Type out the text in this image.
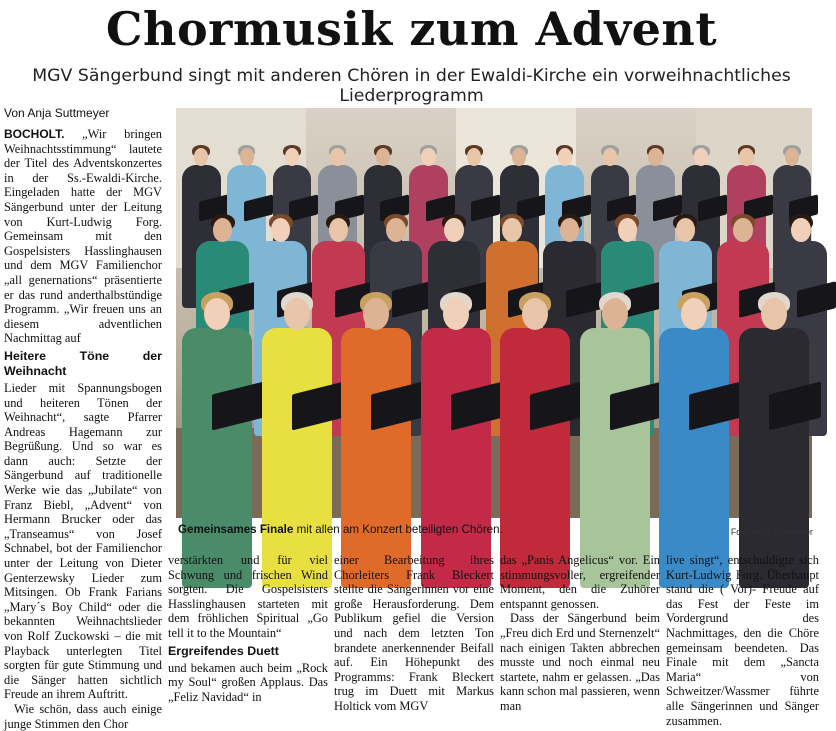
Chormusik zum Advent
MGV Sängerbund singt mit anderen Chören in der Ewaldi-Kirche ein vorweihnachtliches Liederprogramm
Von Anja Suttmeyer

BOCHOLT. „Wir bringen Weihnachtsstimmung“ lautete der Titel des Adventskonzertes in der Ss.-Ewaldi-Kirche. Eingeladen hatte der MGV Sängerbund unter der Leitung von Kurt-Ludwig Forg. Gemeinsam mit den Gospelsisters Hasslinghausen und dem MGV Familienchor „all genernations“ präsentierte er das rund anderthalbstündige Programm. „Wir freuen uns an diesem adventlichen Nachmittag auf

Heitere Töne der Weihnacht

Lieder mit Spannungsbogen und heiteren Tönen der Weihnacht“, sagte Pfarrer Andreas Hagemann zur Begrüßung. Und so war es dann auch: Setzte der Sängerbund auf traditionelle Werke wie das „Jubilate“ von Franz Biebl, „Advent“ von Hermann Brucker oder das „Transeamus“ von Josef Schnabel, bot der Familienchor unter der Leitung von Dieter Genterzewsky Lieder zum Mitsingen. Ob Frank Farians „Mary´s Boy Child“ oder die bekannten Weihnachtslieder von Rolf Zuckowski – die mit Playback unterlegten Titel sorgten für gute Stimmung und die Sänger hatten sichtlich Freude an ihrem Auftritt.

Wie schön, dass auch einige junge Stimmen den Chor

Gemeinsames Finale mit allen am Konzert beteiligten Chören.	Foto: Anja Suttmeyer

verstärkten und für viel Schwung und frischen Wind sorgten. Die Gospelsisters Hasslinghausen starteten mit dem fröhlichen Spiritual „Go tell it to the Mountain“

Ergreifendes Duett

und bekamen auch beim „Rock my Soul“ großen Applaus. Das „Feliz Navidad“ in

einer Bearbeitung ihres Chorleiters Frank Bleckert stellte die Sängerinnen vor eine große Herausforderung. Dem Publikum gefiel die Version und nach dem letzten Ton brandete anerkennender Beifall auf. Ein Höhepunkt des Programms: Frank Bleckert trug im Duett mit Markus Holtick vom MGV

das „Panis Angelicus“ vor. Ein stimmungsvoller, ergreifender Moment, den die Zuhörer entspannt genossen.

Dass der Sängerbund beim „Freu dich Erd und Sternenzelt“ nach einigen Takten abbrechen musste und noch einmal neu startete, nahm er gelassen. „Das kann schon mal passieren, wenn man

live singt“, entschuldigte sich Kurt-Ludwig Forg. Überhaupt stand die ( Vor)- Freude auf das Fest der Feste im Vordergrund des Nachmittages, den die Chöre gemeinsam beendeten. Das Finale mit dem „Sancta Maria“ von Schweitzer/Wassmer führte alle Sängerinnen und Sänger zusammen.
